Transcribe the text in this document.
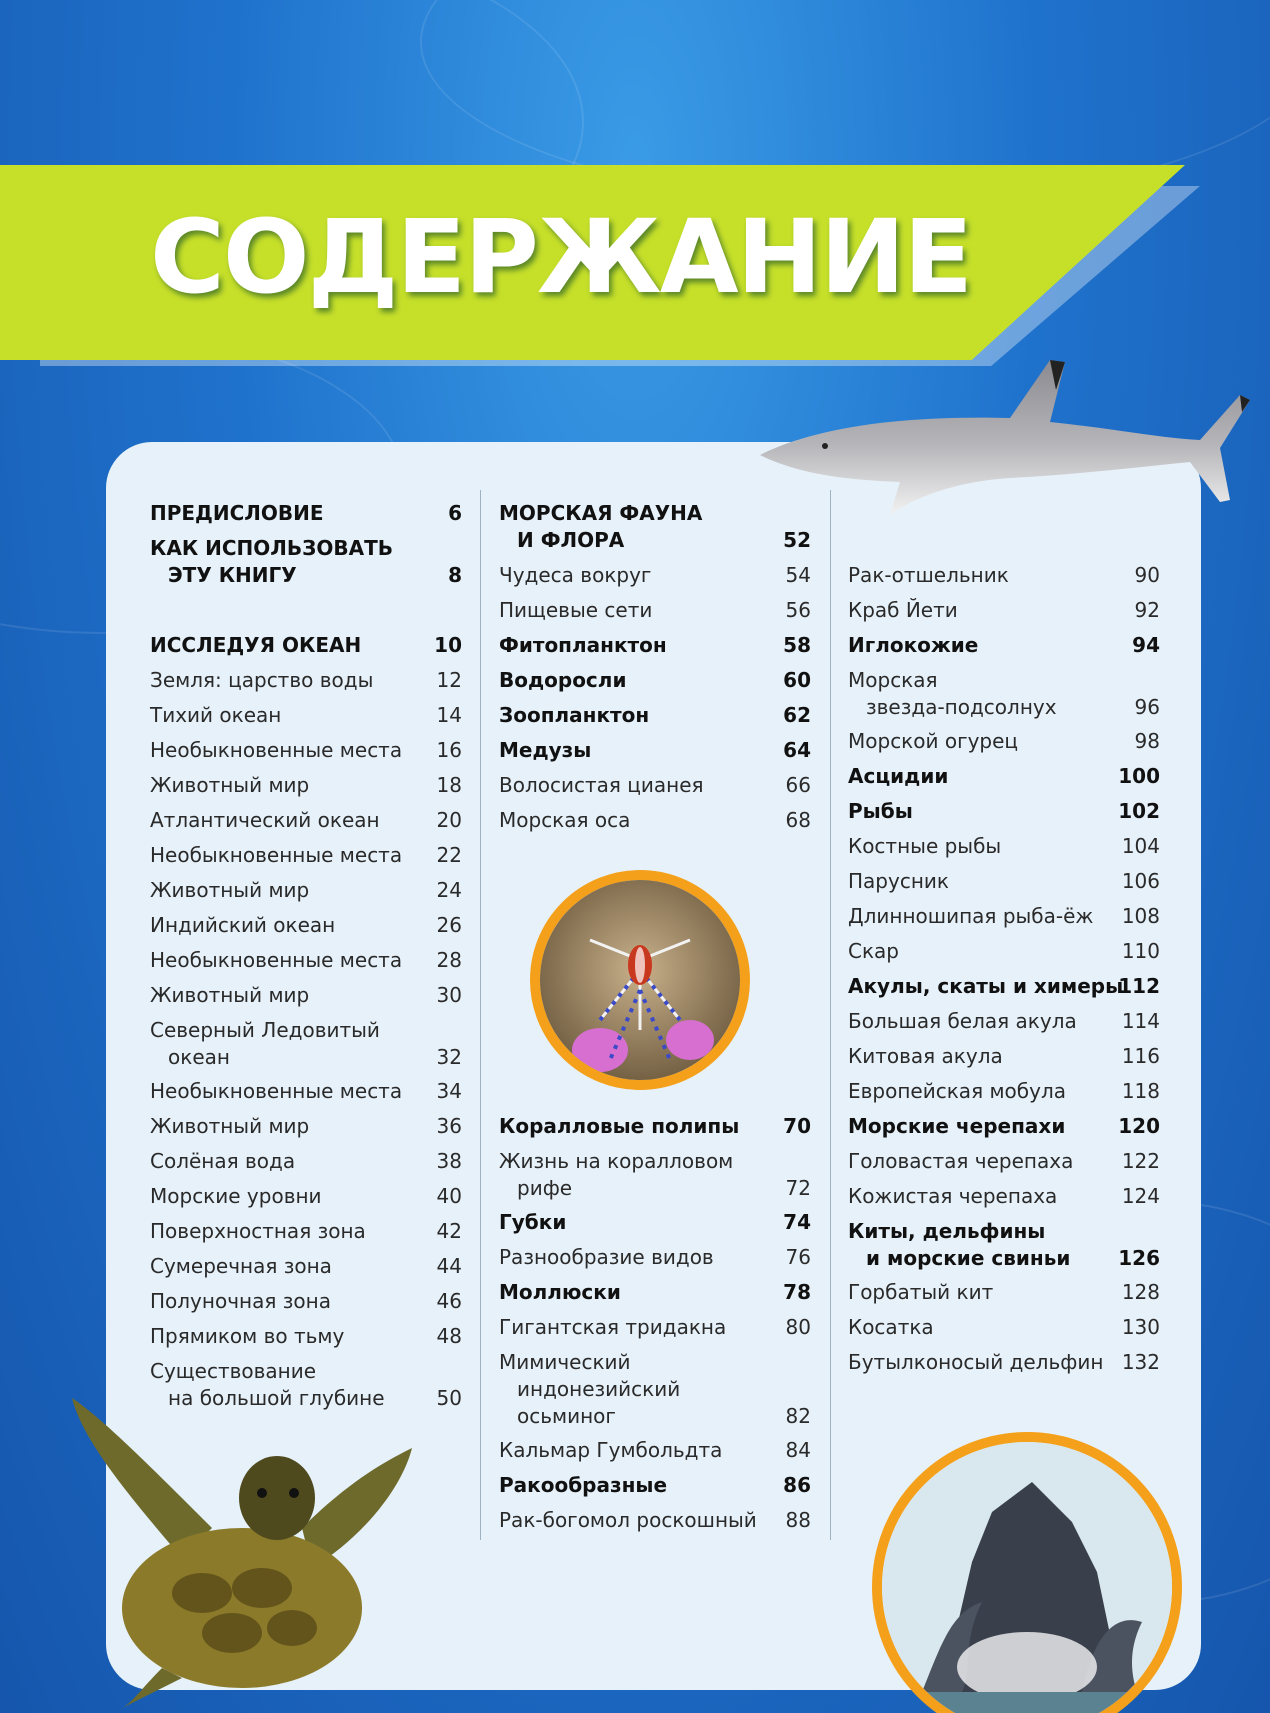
СОДЕРЖАНИЕ
ПРЕДИСЛОВИЕ	6
КАК ИСПОЛЬЗОВАТЬ
ЭТУ КНИГУ	8
ИССЛЕДУЯ ОКЕАН	10
Земля: царство воды	12
Тихий океан	14
Необыкновенные места	16
Животный мир	18
Атлантический океан	20
Необыкновенные места	22
Животный мир	24
Индийский океан	26
Необыкновенные места	28
Животный мир	30
Северный Ледовитый
океан	32
Необыкновенные места	34
Животный мир	36
Солёная вода	38
Морские уровни	40
Поверхностная зона	42
Сумеречная зона	44
Полуночная зона	46
Прямиком во тьму	48
Существование
на большой глубине	50
МОРСКАЯ ФАУНА
И ФЛОРА	52
Чудеса вокруг	54
Пищевые сети	56
Фитопланктон	58
Водоросли	60
Зоопланктон	62
Медузы	64
Волосистая цианея	66
Морская оса	68
Коралловые полипы	70
Жизнь на коралловом
рифе	72
Губки	74
Разнообразие видов	76
Моллюски	78
Гигантская тридакна	80
Мимический
индонезийский
осьминог	82
Кальмар Гумбольдта	84
Ракообразные	86
Рак-богомол роскошный	88
Рак-отшельник	90
Краб Йети	92
Иглокожие	94
Морская
звезда-подсолнух	96
Морской огурец	98
Асцидии	100
Рыбы	102
Костные рыбы	104
Парусник	106
Длинношипая рыба-ёж	108
Скар	110
Акулы, скаты и химеры
112
Большая белая акула	114
Китовая акула	116
Европейская мобула	118
Морские черепахи	120
Головастая черепаха	122
Кожистая черепаха	124
Киты, дельфины
и морские свиньи	126
Горбатый кит	128
Косатка	130
Бутылконосый дельфин 132
